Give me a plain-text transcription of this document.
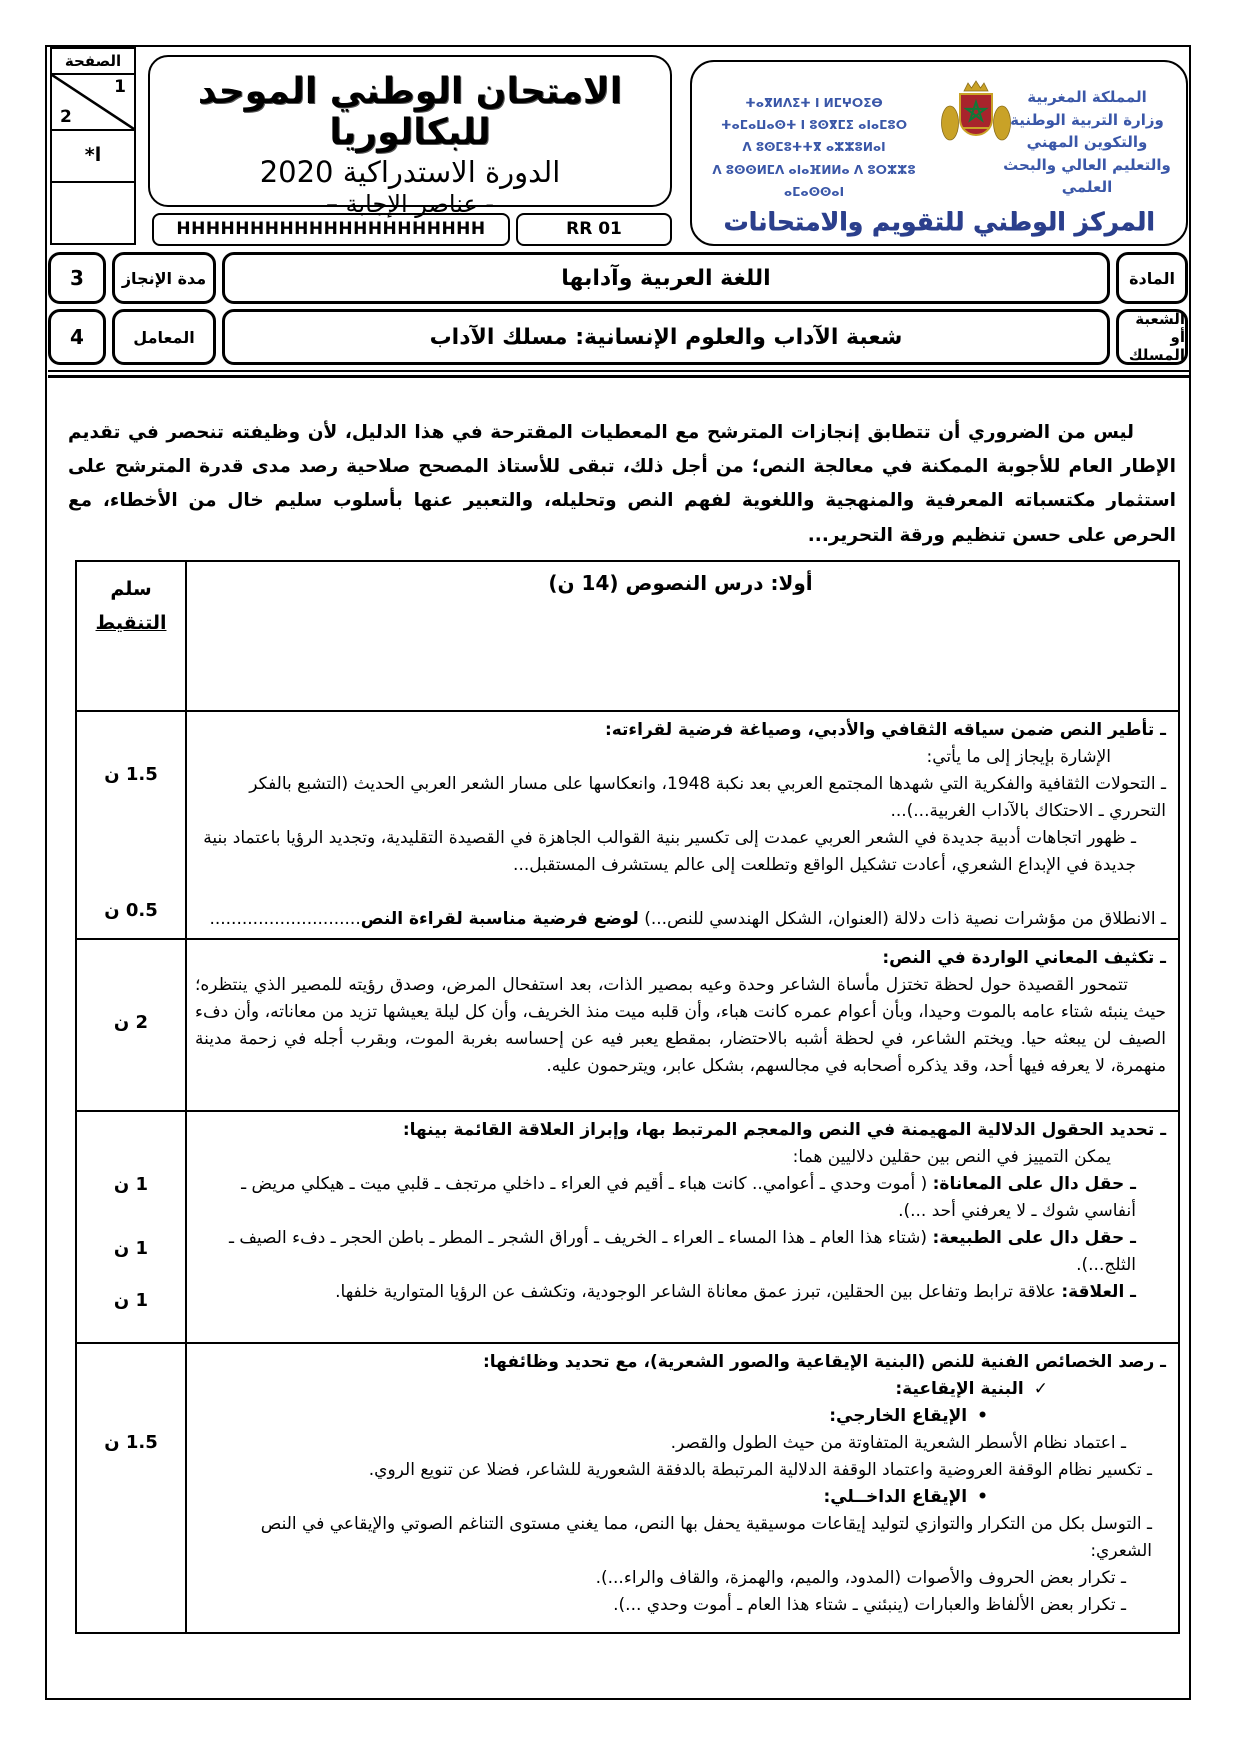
الصفحة
1
2
ا*
الامتحان الوطني الموحد للبكالوريا
الدورة الاستدراكية 2020
- عناصر الإجابة –
المملكة المغربية
وزارة التربية الوطنية
والتكوين المهني
والتعليم العالي والبحث العلمي
ⵜⴰⴳⵍⴷⵉⵜ ⵏ ⵍⵎⵖⵔⵉⴱ
ⵜⴰⵎⴰⵡⴰⵙⵜ ⵏ ⵓⵙⴳⵎⵉ ⴰⵏⴰⵎⵓⵔ
ⴷ ⵓⵙⵎⵓⵜⵜⴳ ⴰⵣⵣⵓⵍⴰⵏ
ⴷ ⵓⵙⵙⵍⵎⴷ ⴰⵏⴰⴼⵍⵍⴰ ⴷ ⵓⵔⵣⵣⵓ ⴰⵎⴰⵙⵙⴰⵏ
المركز الوطني للتقويم والامتحانات
HHHHHHHHHHHHHHHHHHHHH	RR 01
المادة
اللغة العربية وآدابها
مدة الإنجاز
3
الشعبة أو المسلك
شعبة الآداب والعلوم الإنسانية: مسلك الآداب
المعامل
4
ليس من الضروري أن تتطابق إنجازات المترشح مع المعطيات المقترحة في هذا الدليل، لأن وظيفته تنحصر في تقديم الإطار العام للأجوبة الممكنة في معالجة النص؛ من أجل ذلك، تبقى للأستاذ المصحح صلاحية رصد مدى قدرة المترشح على استثمار مكتسباته المعرفية والمنهجية واللغوية لفهم النص وتحليله، والتعبير عنها بأسلوب سليم خال من الأخطاء، مع الحرص على حسن تنظيم ورقة التحرير...
أولا: درس النصوص (14 ن)
سلم
التنقيط
ـ تأطير النص ضمن سياقه الثقافي والأدبي، وصياغة فرضية لقراءته:
الإشارة بإيجاز إلى ما يأتي:
ـ التحولات الثقافية والفكرية التي شهدها المجتمع العربي بعد نكبة 1948، وانعكاسها على مسار الشعر العربي الحديث (التشبع بالفكر التحرري ـ الاحتكاك بالآداب الغربية...)...
ـ ظهور اتجاهات أدبية جديدة في الشعر العربي عمدت إلى تكسير بنية القوالب الجاهزة في القصيدة التقليدية، وتجديد الرؤيا باعتماد بنية جديدة في الإبداع الشعري، أعادت تشكيل الواقع وتطلعت إلى عالم يستشرف المستقبل...
ـ الانطلاق من مؤشرات نصية ذات دلالة (العنوان، الشكل الهندسي للنص...) لوضع فرضية مناسبة لقراءة النص............................
1.5 ن
0.5 ن
ـ تكثيف المعاني الواردة في النص:
تتمحور القصيدة حول لحظة تختزل مأساة الشاعر وحدة وعيه بمصير الذات، بعد استفحال المرض، وصدق رؤيته للمصير الذي ينتظره؛ حيث ينبئه شتاء عامه بالموت وحيدا، وبأن أعوام عمره كانت هباء، وأن قلبه ميت منذ الخريف، وأن كل ليلة يعيشها تزيد من معاناته، وأن دفء الصيف لن يبعثه حيا. ويختم الشاعر، في لحظة أشبه بالاحتضار، بمقطع يعبر فيه عن إحساسه بغربة الموت، وبقرب أجله في زحمة مدينة منهمرة، لا يعرفه فيها أحد، وقد يذكره أصحابه في مجالسهم، بشكل عابر، ويترحمون عليه.
2 ن
ـ تحديد الحقول الدلالية المهيمنة في النص والمعجم المرتبط بها، وإبراز العلاقة القائمة بينها:
يمكن التمييز في النص بين حقلين دلاليين هما:
ـ حقل دال على المعاناة: ( أموت وحدي ـ أعوامي.. كانت هباء ـ أقيم في العراء ـ داخلي مرتجف ـ قلبي ميت ـ هيكلي مريض ـ أنفاسي شوك ـ لا يعرفني أحد ...).
ـ حقل دال على الطبيعة: (شتاء هذا العام ـ هذا المساء ـ العراء ـ الخريف ـ أوراق الشجر ـ المطر ـ باطن الحجر ـ دفء الصيف ـ الثلج...).
ـ العلاقة: علاقة ترابط وتفاعل بين الحقلين، تبرز عمق معاناة الشاعر الوجودية، وتكشف عن الرؤيا المتوارية خلفها.
1 ن
1 ن
1 ن
ـ رصد الخصائص الفنية للنص (البنية الإيقاعية والصور الشعرية)، مع تحديد وظائفها:
✓البنية الإيقاعية:
•الإيقاع الخارجي:
ـ اعتماد نظام الأسطر الشعرية المتفاوتة من حيث الطول والقصر.
ـ تكسير نظام الوقفة العروضية واعتماد الوقفة الدلالية المرتبطة بالدفقة الشعورية للشاعر، فضلا عن تنويع الروي.
•الإيقاع الداخــلي:
ـ التوسل بكل من التكرار والتوازي لتوليد إيقاعات موسيقية يحفل بها النص، مما يغني مستوى التناغم الصوتي والإيقاعي في النص الشعري:
ـ تكرار بعض الحروف والأصوات (المدود، والميم، والهمزة، والقاف والراء...).
ـ تكرار بعض الألفاظ والعبارات (ينبئني ـ شتاء هذا العام ـ أموت وحدي ...).
1.5 ن
